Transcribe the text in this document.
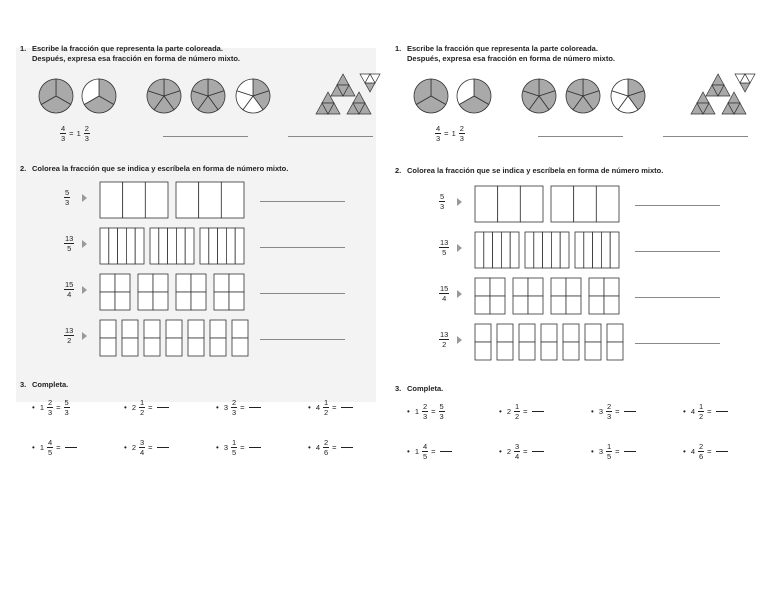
1. Escribe la fracción que representa la parte coloreada.
Después, expresa esa fracción en forma de número mixto.
$\frac{4}{3} = 1 \frac{2}{3}$
2. Colorea la fracción que se indica y escríbela en forma de número mixto.
$\frac{5}{3}$
$\frac{13}{5}$
$\frac{15}{4}$
$\frac{13}{2}$
3. Completa.
• $1 \frac{2}{3} = \frac{5}{3}$	• $2 \frac{1}{2}$ =	• $3 \frac{2}{3}$ =	• $4 \frac{1}{2}$ =
• $1 \frac{4}{5}$ =	• $2 \frac{3}{4}$ =	• $3 \frac{1}{5}$ =	• $4 \frac{2}{6}$ =
1. Escribe la fracción que representa la parte coloreada.
Después, expresa esa fracción en forma de número mixto.
$\frac{4}{3} = 1 \frac{2}{3}$
2. Colorea la fracción que se indica y escríbela en forma de número mixto.
$\frac{5}{3}$
$\frac{13}{5}$
$\frac{15}{4}$
$\frac{13}{2}$
3. Completa.
• $1 \frac{2}{3} = \frac{5}{3}$	• $2 \frac{1}{2}$ =	• $3 \frac{2}{3}$ =	• $4 \frac{1}{2}$ =
• $1 \frac{4}{5}$ =	• $2 \frac{3}{4}$ =	• $3 \frac{1}{5}$ =	• $4 \frac{2}{6}$ =
